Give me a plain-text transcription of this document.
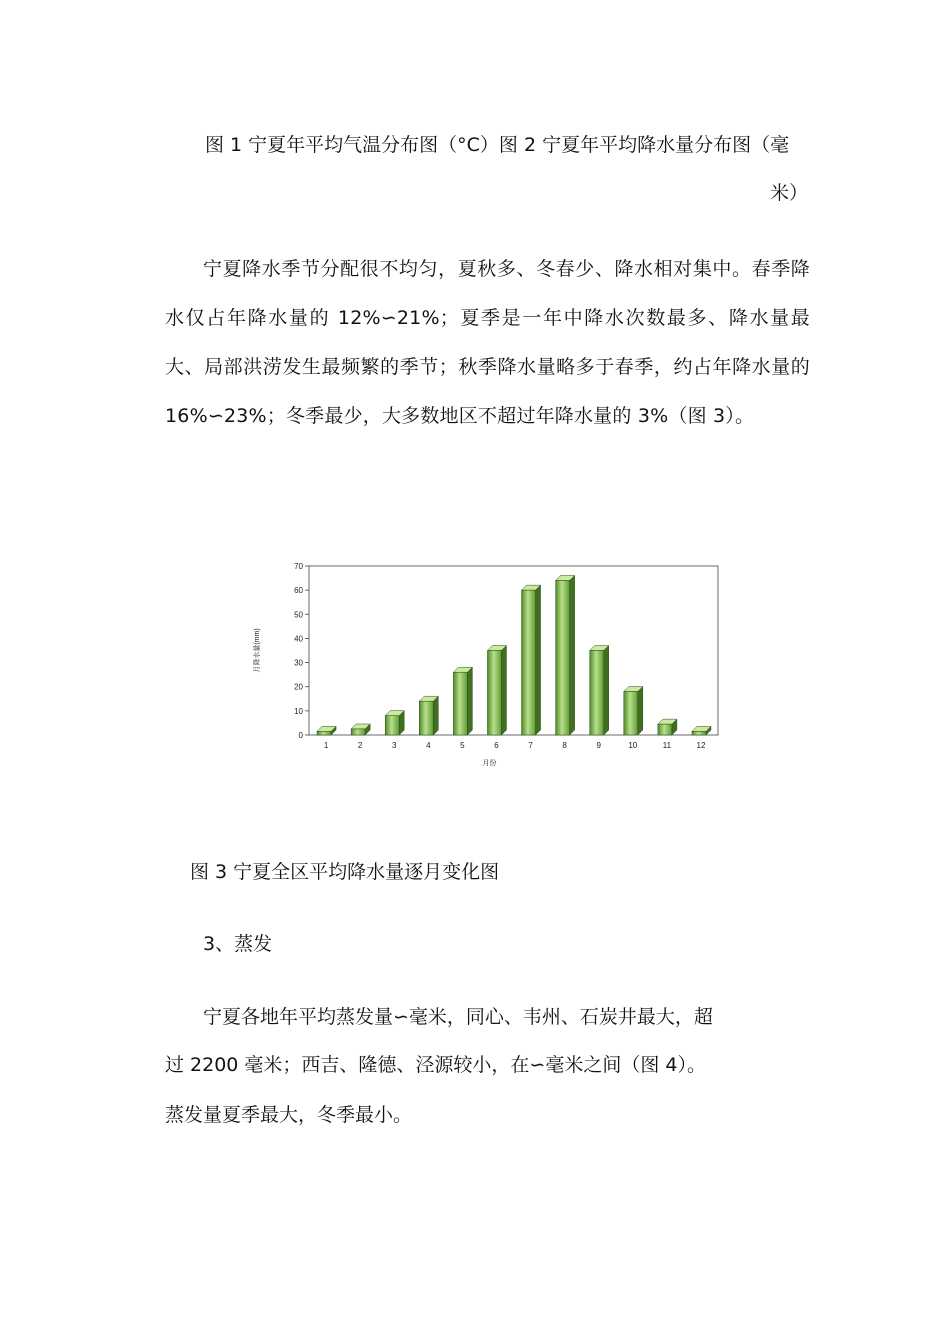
图 1 宁夏年平均气温分布图（°C）图 2 宁夏年平均降水量分布图（毫
米）
宁夏降水季节分配很不均匀，夏秋多、冬春少、降水相对集中。春季降水仅占年降水量的 12%∽21%；夏季是一年中降水次数最多、降水量最大、局部洪涝发生最频繁的季节；秋季降水量略多于春季，约占年降水量的 16%∽23%；冬季最少，大多数地区不超过年降水量的 3%（图 3）。
0
10
20
30
40
50
60
70
月降水量(mm)
1	2	3	4	5	6	7	8	9	10	11	12
月份
图 3 宁夏全区平均降水量逐月变化图
3、蒸发
宁夏各地年平均蒸发量∽毫米，同心、韦州、石炭井最大，超
过 2200 毫米；西吉、隆德、泾源较小，在∽毫米之间（图 4）。
蒸发量夏季最大，冬季最小。
